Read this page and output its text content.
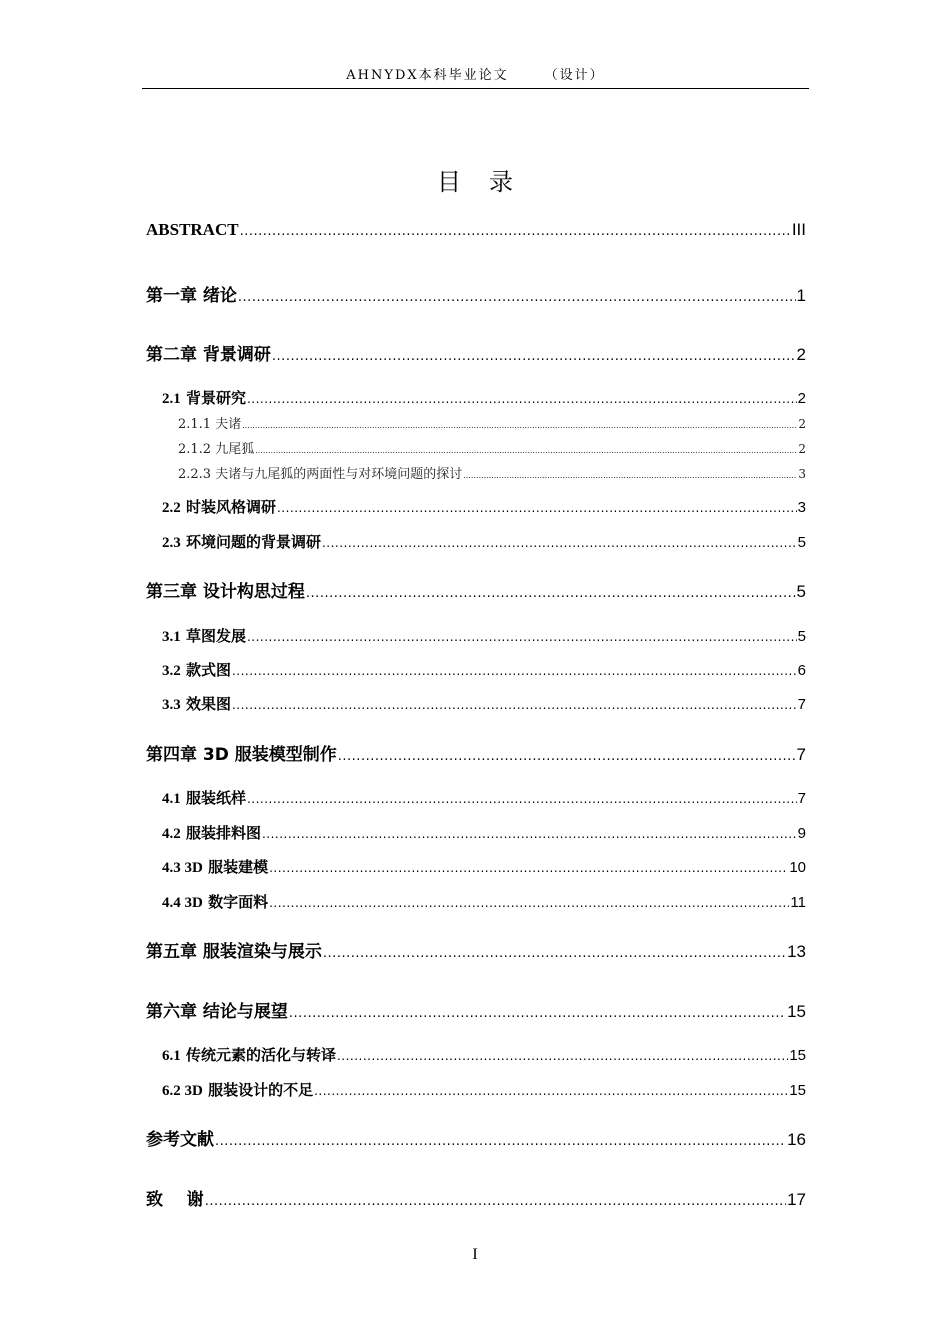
AHNYDX本科毕业论文	（设计）
目录
ABSTRACT .....	III
第一章 绪论 .....	1
第二章 背景调研 .....	2
2.1 背景研究 .....	2
2.1.1 夫诸 .....	2
2.1.2 九尾狐 .....	2
2.2.3 夫诸与九尾狐的两面性与对环境问题的探讨 .....	3
2.2 时装风格调研 .....	3
2.3 环境问题的背景调研 .....	5
第三章 设计构思过程 .....	5
3.1 草图发展 .....	5
3.2 款式图 .....	6
3.3 效果图 .....	7
第四章 3D 服装模型制作 .....	7
4.1 服装纸样 .....	7
4.2 服装排料图 .....	9
4.3 3D 服装建模 .....	10
4.4 3D 数字面料 .....	11
第五章 服装渲染与展示 .....	13
第六章 结论与展望 .....	15
6.1 传统元素的活化与转译 .....	15
6.2 3D 服装设计的不足 .....	15
参考文献 .....	16
致    谢 .....	17
I
